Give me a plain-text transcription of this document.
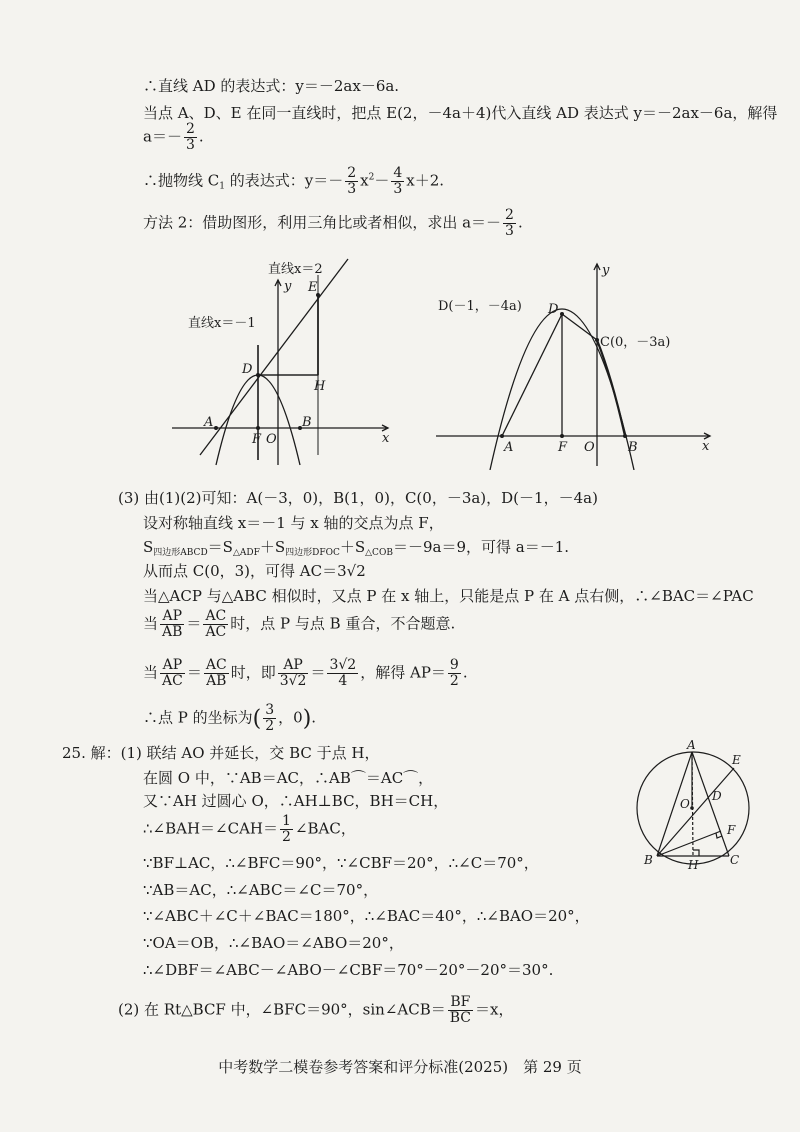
∴直线 AD 的表达式：y＝－2ax－6a.
当点 A、D、E 在同一直线时，把点 E(2，－4a＋4)代入直线 AD 表达式 y＝－2ax－6a，解得
$a=- \frac{2}{3}$ .
∴抛物线 $C_1$ 的表达式：$y=- \frac{2}{3} x^2- \frac{4}{3} x+2$.
方法 2：借助图形，利用三角比或者相似，求出 $a=- \frac{2}{3}$ .
直线x＝2
直线x＝－1
y
x
E
D
H
A
F O
B
y
x
D(－1，－4a) D
C(0，－3a)
A	F O	B
(3) 由(1)(2)可知：A(－3，0)，B(1，0)，C(0，－3a)，D(－1，－4a)
设对称轴直线 x＝－1 与 x 轴的交点为点 F，
$S_{四边形ABCD}=S_{\triangle ADF}+S_{四边形DFOC}+S_{\triangle COB}=-9a=9$，可得 a＝－1.
从而点 C(0，3)，可得 AC＝3√2
当△ACP 与△ABC 相似时，又点 P 在 x 轴上，只能是点 P 在 A 点右侧，∴∠BAC＝∠PAC
当 $\frac{AP}{AB} = \frac{AC}{AC}$ 时，点 P 与点 B 重合，不合题意.
当 $\frac{AP}{AC} = \frac{AC}{AB}$ 时，即 $\frac{AP}{3√2} = \frac{3√2}{4}$ ，解得 $AP= \frac{9}{2}$ .
∴点 P 的坐标为( $\frac{3}{2}$ ，0).
25. 解：(1) 联结 AO 并延长，交 BC 于点 H，
在圆 O 中，∵AB＝AC，∴AB⌒＝AC⌒，
又∵AH 过圆心 O，∴AH⊥BC，BH＝CH，
∴∠BAH＝∠CAH＝ $\frac{1}{2}$ ∠BAC，
∵BF⊥AC，∴∠BFC＝90°，∵∠CBF＝20°，∴∠C＝70°，
∵AB＝AC，∴∠ABC＝∠C＝70°，
∵∠ABC＋∠C＋∠BAC＝180°，∴∠BAC＝40°，∴∠BAO＝20°，
∵OA＝OB，∴∠BAO＝∠ABO＝20°，
∴∠DBF＝∠ABC－∠ABO－∠CBF＝70°－20°－20°＝30°.
(2) 在 Rt△BCF 中，∠BFC＝90°，sin∠ACB＝ $\frac{BF}{BC} =x$，
A
E
O
D
F
B	H	C
中考数学二模卷参考答案和评分标准(2025)　第 29 页
